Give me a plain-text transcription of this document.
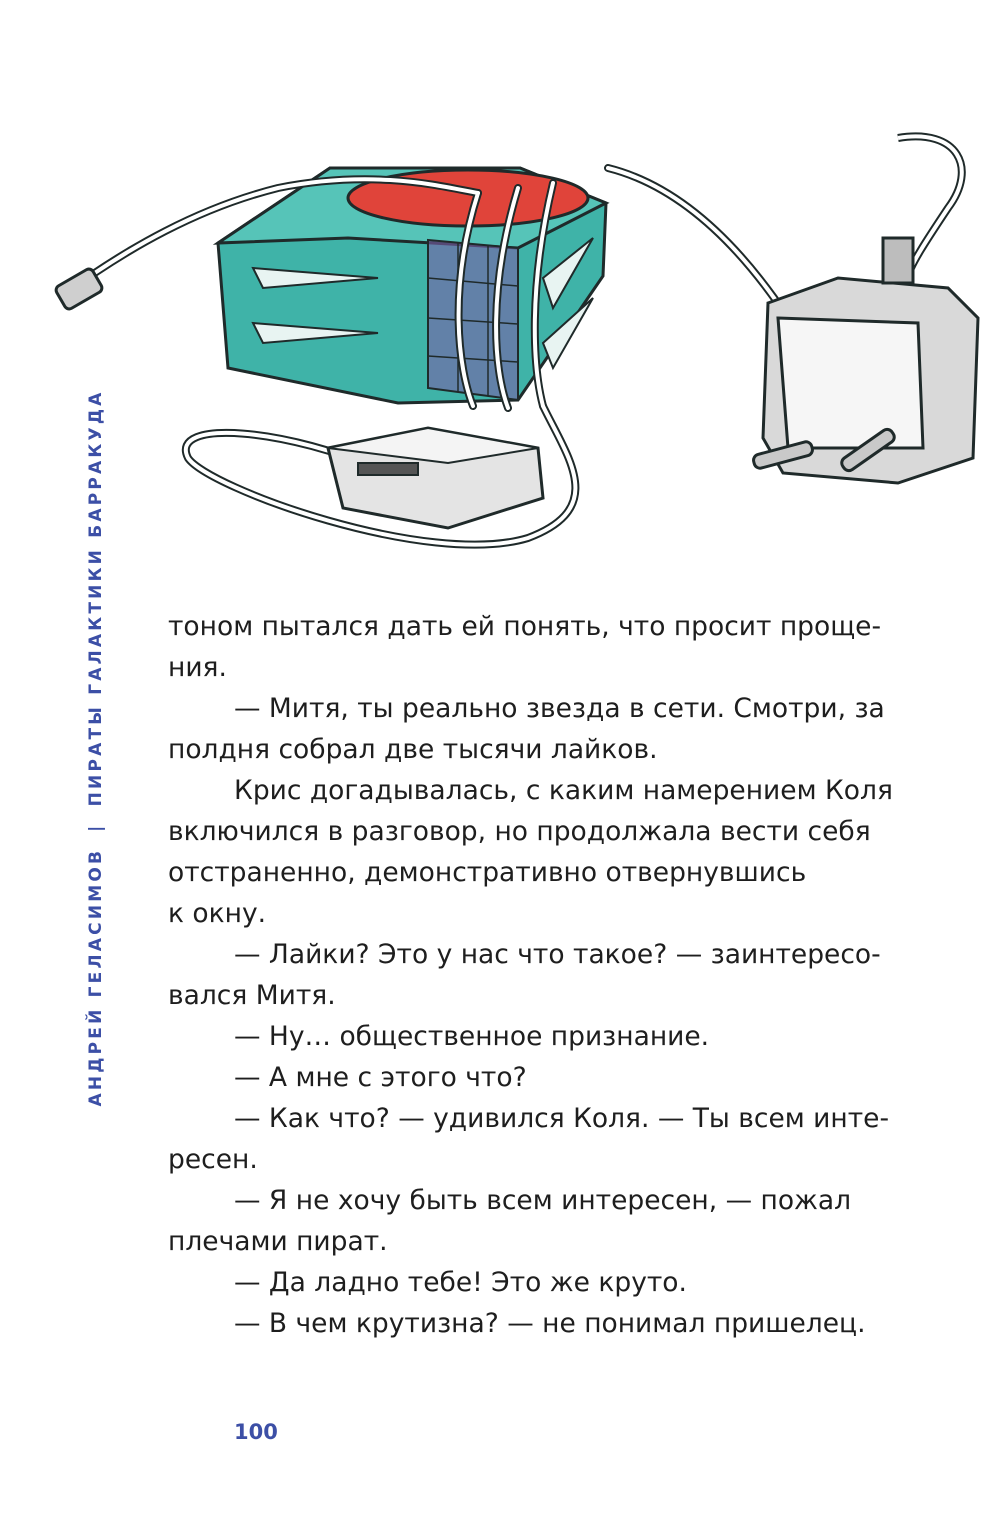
АНДРЕЙ ГЕЛАСИМОВ|ПИРАТЫ ГАЛАКТИКИ БАРРАКУДА тоном пытался дать ей понять, что просит проще-
ния.
— Митя, ты реально звезда в сети. Смотри, за
полдня собрал две тысячи лайков.
Крис догадывалась, с каким намерением Коля
включился в разговор, но продолжала вести себя
отстраненно, демонстративно отвернувшись
к окну.
— Лайки? Это у нас что такое? — заинтересо-
вался Митя.
— Ну… общественное признание.
— А мне с этого что?
— Как что? — удивился Коля. — Ты всем инте-
ресен.
— Я не хочу быть всем интересен, — пожал
плечами пират.
— Да ладно тебе! Это же круто.
— В чем крутизна? — не понимал пришелец.
100
